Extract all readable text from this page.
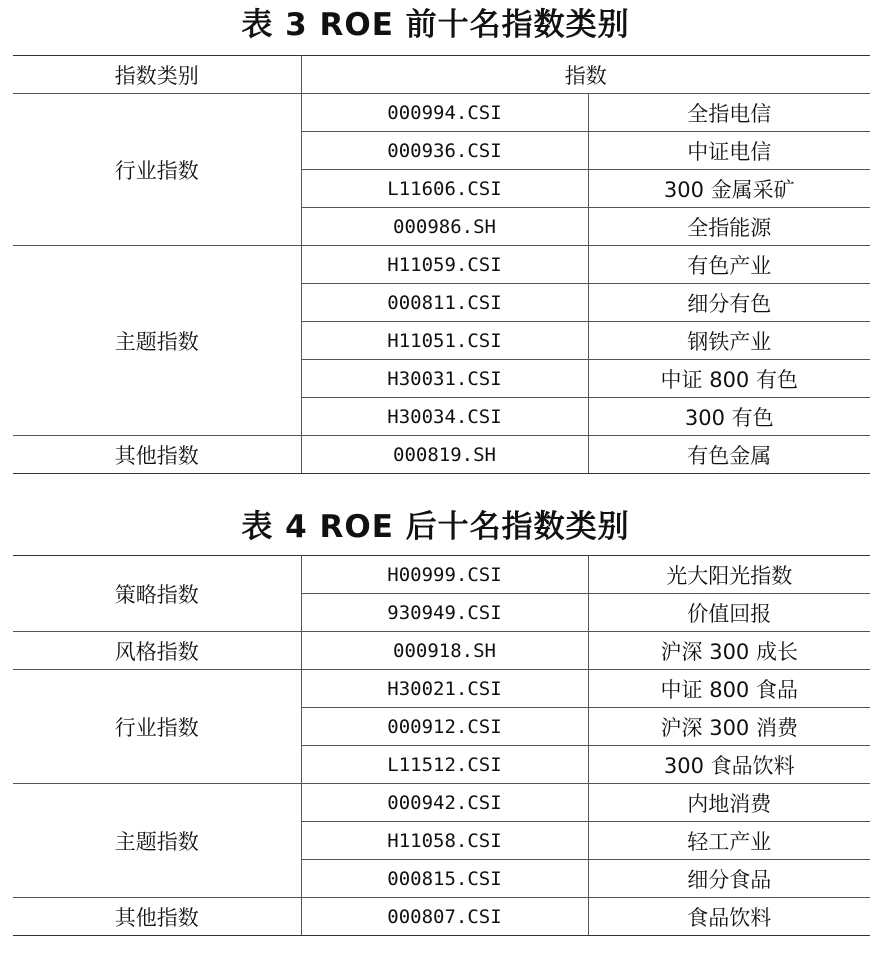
表 3 ROE 前十名指数类别
指数类别	指数	
行业指数	000994.CSI	全指电信
	000936.CSI	中证电信
	L11606.CSI	300 金属采矿
	000986.SH	全指能源
主题指数	H11059.CSI	有色产业
	000811.CSI	细分有色
	H11051.CSI	钢铁产业
	H30031.CSI	中证 800 有色
	H30034.CSI	300 有色
其他指数	000819.SH	有色金属
表 4 ROE 后十名指数类别
策略指数	H00999.CSI	光大阳光指数
	930949.CSI	价值回报
风格指数	000918.SH	沪深 300 成长
行业指数	H30021.CSI	中证 800 食品
	000912.CSI	沪深 300 消费
	L11512.CSI	300 食品饮料
主题指数	000942.CSI	内地消费
	H11058.CSI	轻工产业
	000815.CSI	细分食品
其他指数	000807.CSI	食品饮料
